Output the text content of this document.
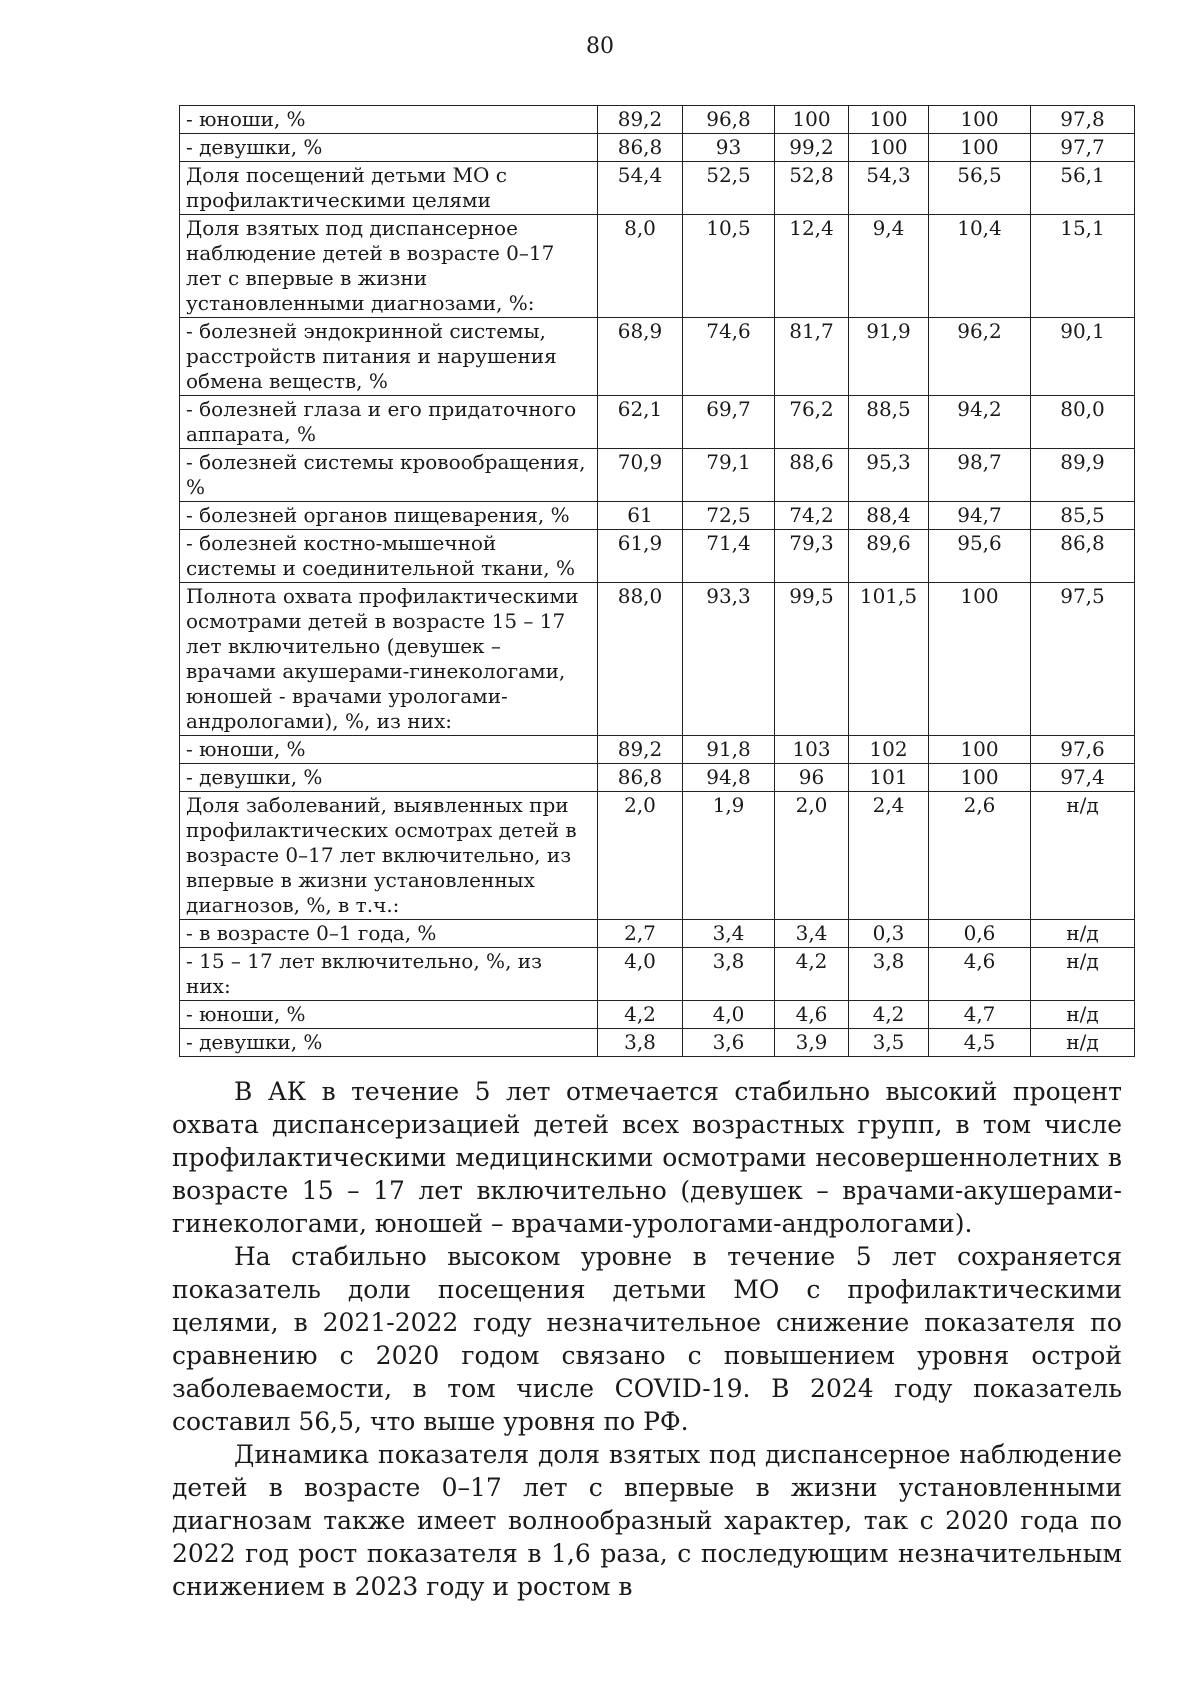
80
- юноши, %	89,2	96,8	100	100	100	97,8
- девушки, %	86,8	93	99,2	100	100	97,7
Доля посещений детьми МО с профилактическими целями	54,4	52,5	52,8	54,3	56,5	56,1
Доля взятых под диспансерное наблюдение детей в возрасте 0–17 лет с впервые в жизни установленными диагнозами, %:	8,0	10,5	12,4	9,4	10,4	15,1
- болезней эндокринной системы, расстройств питания и нарушения обмена веществ, %	68,9	74,6	81,7	91,9	96,2	90,1
- болезней глаза и его придаточного аппарата, %	62,1	69,7	76,2	88,5	94,2	80,0
- болезней системы кровообращения, %	70,9	79,1	88,6	95,3	98,7	89,9
- болезней органов пищеварения, %	61	72,5	74,2	88,4	94,7	85,5
- болезней костно-мышечной системы и соединительной ткани, %	61,9	71,4	79,3	89,6	95,6	86,8
Полнота охвата профилактическими осмотрами детей в возрасте 15 – 17 лет включительно (девушек – врачами акушерами-гинекологами, юношей - врачами урологами-андрологами), %, из них:	88,0	93,3	99,5	101,5	100	97,5
- юноши, %	89,2	91,8	103	102	100	97,6
- девушки, %	86,8	94,8	96	101	100	97,4
Доля заболеваний, выявленных при профилактических осмотрах детей в возрасте 0–17 лет включительно, из впервые в жизни установленных диагнозов, %, в т.ч.:	2,0	1,9	2,0	2,4	2,6	н/д
- в возрасте 0–1 года, %	2,7	3,4	3,4	0,3	0,6	н/д
- 15 – 17 лет включительно, %, из них:	4,0	3,8	4,2	3,8	4,6	н/д
- юноши, %	4,2	4,0	4,6	4,2	4,7	н/д
- девушки, %	3,8	3,6	3,9	3,5	4,5	н/д

В АК в течение 5 лет отмечается стабильно высокий процент охвата диспансеризацией детей всех возрастных групп, в том числе профилактическими медицинскими осмотрами несовершеннолетних в возрасте 15 – 17 лет включительно (девушек – врачами-акушерами-гинекологами, юношей – врачами-урологами-андрологами).

На стабильно высоком уровне в течение 5 лет сохраняется показатель доли посещения детьми МО с профилактическими целями, в 2021-2022 году незначительное снижение показателя по сравнению с 2020 годом связано с повышением уровня острой заболеваемости, в том числе COVID-19. В 2024 году показатель составил 56,5, что выше уровня по РФ.

Динамика показателя доля взятых под диспансерное наблюдение детей в возрасте 0–17 лет с впервые в жизни установленными диагнозам также имеет волнообразный характер, так с 2020 года по 2022 год рост показателя в 1,6 раза, с последующим незначительным снижением в 2023 году и ростом в
